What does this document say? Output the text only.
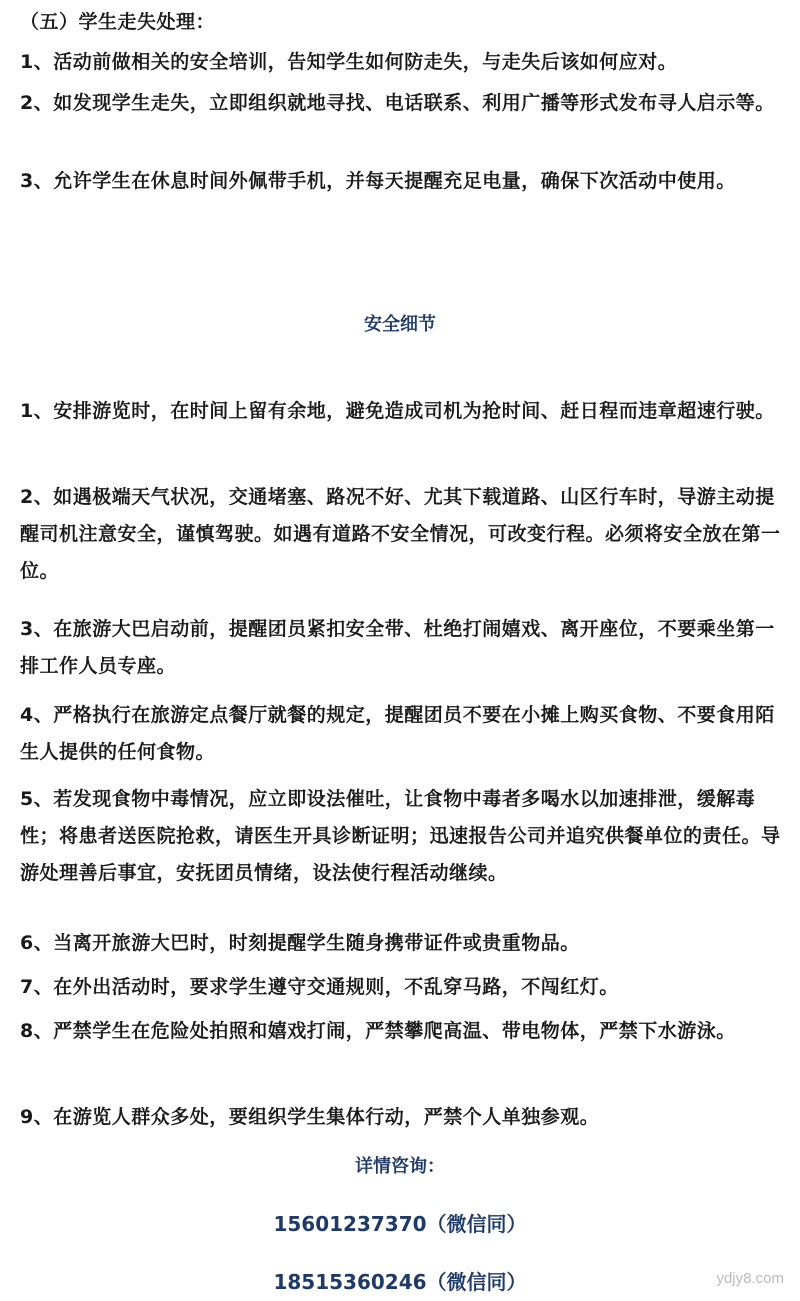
（五）学生走失处理：

1、活动前做相关的安全培训，告知学生如何防走失，与走失后该如何应对。

2、如发现学生走失，立即组织就地寻找、电话联系、利用广播等形式发布寻人启示等。

3、允许学生在休息时间外佩带手机，并每天提醒充足电量，确保下次活动中使用。

安全细节

1、安排游览时，在时间上留有余地，避免造成司机为抢时间、赶日程而违章超速行驶。

2、如遇极端天气状况，交通堵塞、路况不好、尤其下载道路、山区行车时，导游主动提醒司机注意安全，谨慎驾驶。如遇有道路不安全情况，可改变行程。必须将安全放在第一位。

3、在旅游大巴启动前，提醒团员紧扣安全带、杜绝打闹嬉戏、离开座位，不要乘坐第一排工作人员专座。

4、严格执行在旅游定点餐厅就餐的规定，提醒团员不要在小摊上购买食物、不要食用陌生人提供的任何食物。

5、若发现食物中毒情况，应立即设法催吐，让食物中毒者多喝水以加速排泄，缓解毒性；将患者送医院抢救，请医生开具诊断证明；迅速报告公司并追究供餐单位的责任。导游处理善后事宜，安抚团员情绪，设法使行程活动继续。

6、当离开旅游大巴时，时刻提醒学生随身携带证件或贵重物品。

7、在外出活动时，要求学生遵守交通规则，不乱穿马路，不闯红灯。

8、严禁学生在危险处拍照和嬉戏打闹，严禁攀爬高温、带电物体，严禁下水游泳。

9、在游览人群众多处，要组织学生集体行动，严禁个人单独参观。

详情咨询：

15601237370（微信同）

18515360246（微信同）	ydjy8.com
